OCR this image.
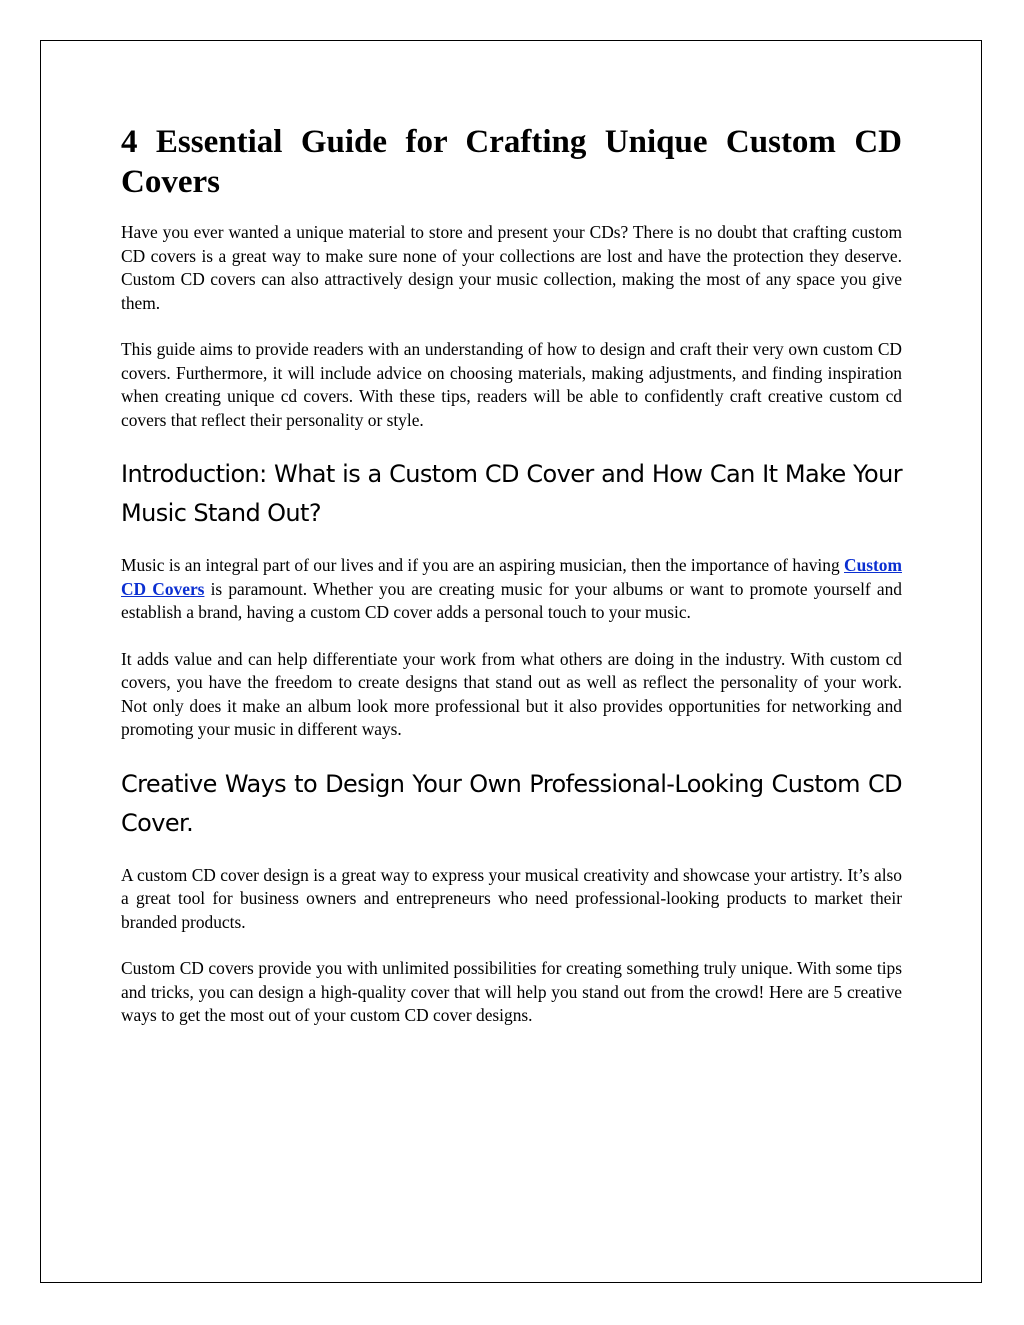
4 Essential Guide for Crafting Unique Custom CD Covers

Have you ever wanted a unique material to store and present your CDs? There is no doubt that crafting custom CD covers is a great way to make sure none of your collections are lost and have the protection they deserve. Custom CD covers can also attractively design your music collection, making the most of any space you give them.

This guide aims to provide readers with an understanding of how to design and craft their very own custom CD covers. Furthermore, it will include advice on choosing materials, making adjustments, and finding inspiration when creating unique cd covers. With these tips, readers will be able to confidently craft creative custom cd covers that reflect their personality or style.

Introduction: What is a Custom CD Cover and How Can It Make Your Music Stand Out?

Music is an integral part of our lives and if you are an aspiring musician, then the importance of having Custom CD Covers is paramount. Whether you are creating music for your albums or want to promote yourself and establish a brand, having a custom CD cover adds a personal touch to your music.

It adds value and can help differentiate your work from what others are doing in the industry. With custom cd covers, you have the freedom to create designs that stand out as well as reflect the personality of your work. Not only does it make an album look more professional but it also provides opportunities for networking and promoting your music in different ways.

Creative Ways to Design Your Own Professional-Looking Custom CD Cover.

A custom CD cover design is a great way to express your musical creativity and showcase your artistry. It’s also a great tool for business owners and entrepreneurs who need professional-looking products to market their branded products.

Custom CD covers provide you with unlimited possibilities for creating something truly unique. With some tips and tricks, you can design a high-quality cover that will help you stand out from the crowd! Here are 5 creative ways to get the most out of your custom CD cover designs.
